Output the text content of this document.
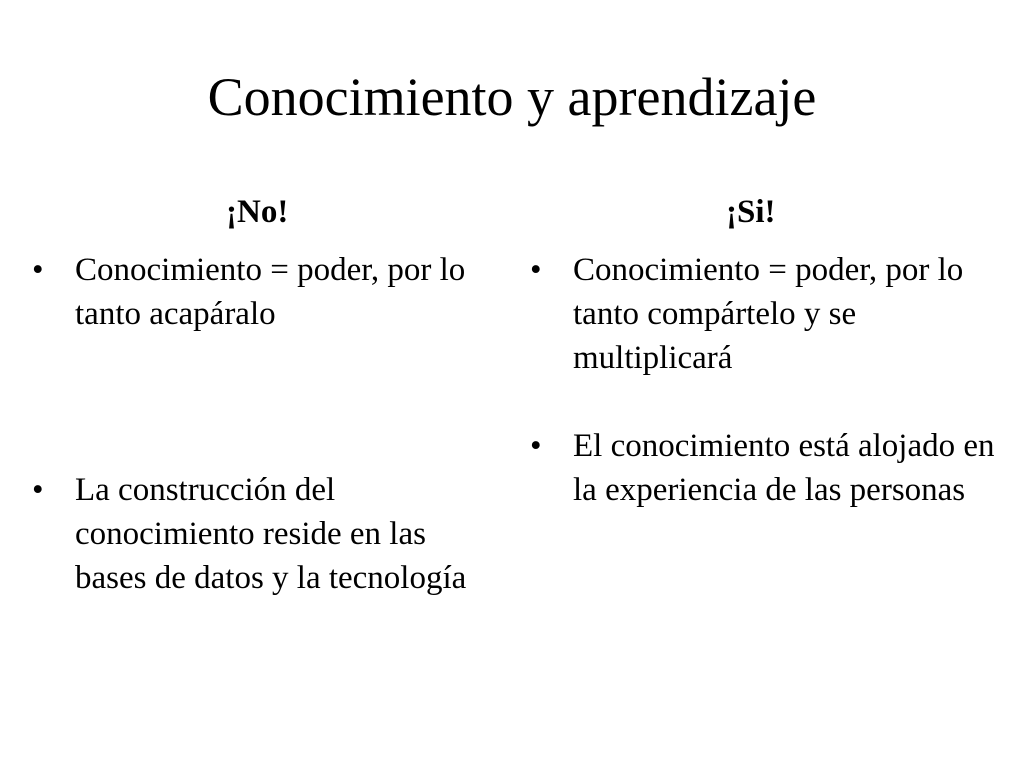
Conocimiento y aprendizaje
¡No!
• Conocimiento = poder, por lo tanto acapáralo
• La construcción del conocimiento reside en las bases de datos y la tecnología
¡Si!
• Conocimiento = poder, por lo tanto compártelo y se multiplicará
• El conocimiento está alojado en la experiencia de las personas
